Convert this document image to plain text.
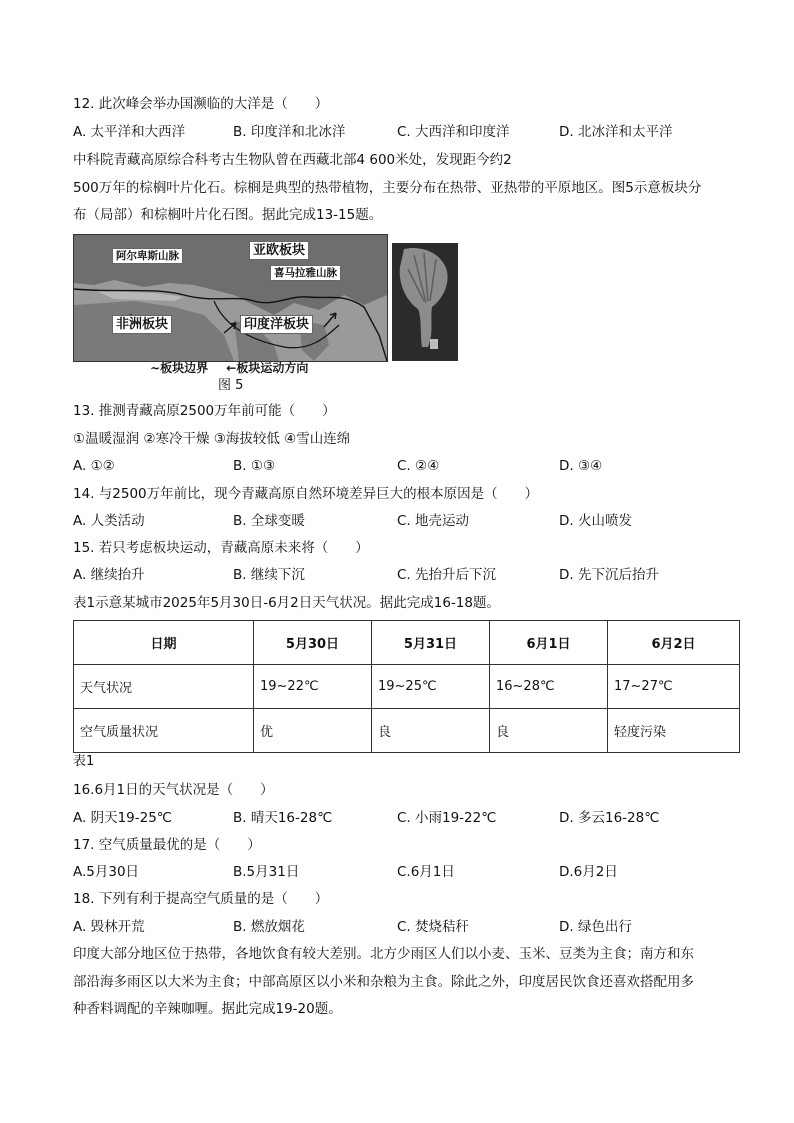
12. 此次峰会举办国濒临的大洋是（　　）
A. 太平洋和大西洋	B. 印度洋和北冰洋	C. 大西洋和印度洋	D. 北冰洋和太平洋
中科院青藏高原综合科考古生物队曾在西藏北部4 600米处，发现距今约2
500万年的棕榈叶片化石。棕榈是典型的热带植物，主要分布在热带、亚热带的平原地区。图5示意板块分
布（局部）和棕榈叶片化石图。据此完成13-15题。
亚欧板块
阿尔卑斯山脉
喜马拉雅山脉
非洲板块	印度洋板块
∼板块边界 ←板块运动方向
图 5
13. 推测青藏高原2500万年前可能（　　）
①温暖湿润 ②寒冷干燥 ③海拔较低 ④雪山连绵
A. ①②	B. ①③	C. ②④	D. ③④
14. 与2500万年前比，现今青藏高原自然环境差异巨大的根本原因是（　　）
A. 人类活动	B. 全球变暖	C. 地壳运动	D. 火山喷发
15. 若只考虑板块运动，青藏高原未来将（　　）
A. 继续抬升	B. 继续下沉	C. 先抬升后下沉	D. 先下沉后抬升
表1示意某城市2025年5月30日-6月2日天气状况。据此完成16-18题。
日期	5月30日	5月31日	6月1日	6月2日
天气状况	19~22℃	19~25℃	16~28℃	17~27℃
空气质量状况	优	良	良	轻度污染
表1
16.6月1日的天气状况是（　　）
A. 阴天19-25℃	B. 晴天16-28℃	C. 小雨19-22℃	D. 多云16-28℃
17. 空气质量最优的是（　　）
A.5月30日	B.5月31日	C.6月1日	D.6月2日
18. 下列有利于提高空气质量的是（　　）
A. 毁林开荒	B. 燃放烟花	C. 焚烧秸秆	D. 绿色出行
印度大部分地区位于热带，各地饮食有较大差别。北方少雨区人们以小麦、玉米、豆类为主食；南方和东
部沿海多雨区以大米为主食；中部高原区以小米和杂粮为主食。除此之外，印度居民饮食还喜欢搭配用多
种香料调配的辛辣咖喱。据此完成19-20题。
